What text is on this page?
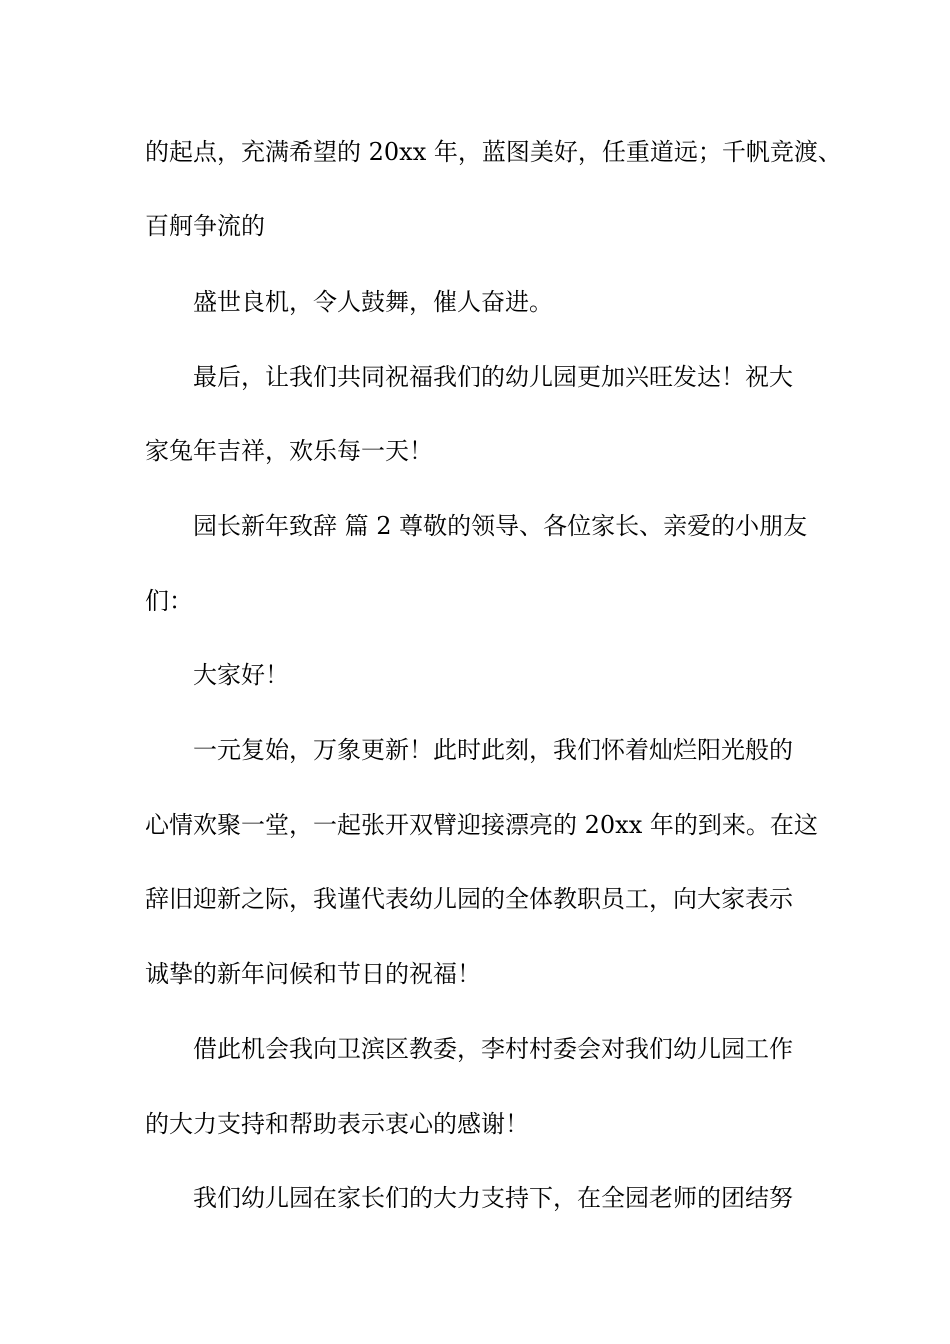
的起点，充满希望的 20xx 年，蓝图美好，任重道远；千帆竞渡、
百舸争流的
盛世良机，令人鼓舞，催人奋进。
最后，让我们共同祝福我们的幼儿园更加兴旺发达！祝大
家兔年吉祥，欢乐每一天！
园长新年致辞 篇 2 尊敬的领导、各位家长、亲爱的小朋友
们：
大家好！
一元复始，万象更新！此时此刻，我们怀着灿烂阳光般的
心情欢聚一堂，一起张开双臂迎接漂亮的 20xx 年的到来。在这
辞旧迎新之际，我谨代表幼儿园的全体教职员工，向大家表示
诚挚的新年问候和节日的祝福！
借此机会我向卫滨区教委，李村村委会对我们幼儿园工作
的大力支持和帮助表示衷心的感谢！
我们幼儿园在家长们的大力支持下，在全园老师的团结努
